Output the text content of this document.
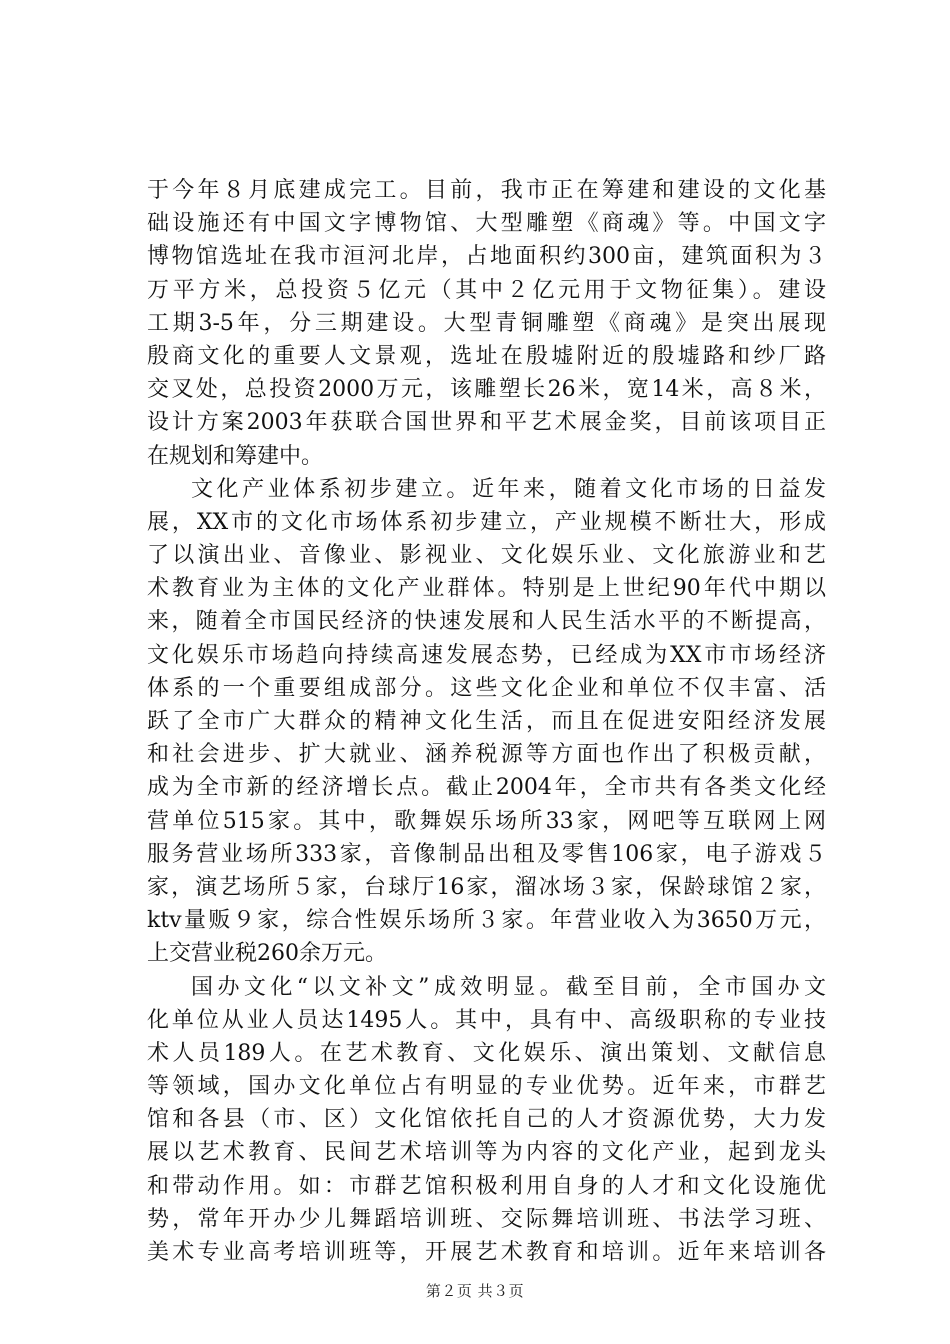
于今年８月底建成完工。目前，我市正在筹建和建设的文化基
础设施还有中国文字博物馆、大型雕塑《商魂》等。中国文字
博物馆选址在我市洹河北岸，占地面积约300亩，建筑面积为３
万平方米，总投资５亿元（其中２亿元用于文物征集）。建设
工期3-5年，分三期建设。大型青铜雕塑《商魂》是突出展现
殷商文化的重要人文景观，选址在殷墟附近的殷墟路和纱厂路
交叉处，总投资2000万元，该雕塑长26米，宽14米，高８米，
设计方案2003年获联合国世界和平艺术展金奖，目前该项目正
在规划和筹建中。
文化产业体系初步建立。近年来，随着文化市场的日益发
展，XX市的文化市场体系初步建立，产业规模不断壮大，形成
了以演出业、音像业、影视业、文化娱乐业、文化旅游业和艺
术教育业为主体的文化产业群体。特别是上世纪90年代中期以
来，随着全市国民经济的快速发展和人民生活水平的不断提高，
文化娱乐市场趋向持续高速发展态势，已经成为XX市市场经济
体系的一个重要组成部分。这些文化企业和单位不仅丰富、活
跃了全市广大群众的精神文化生活，而且在促进安阳经济发展
和社会进步、扩大就业、涵养税源等方面也作出了积极贡献，
成为全市新的经济增长点。截止2004年，全市共有各类文化经
营单位515家。其中，歌舞娱乐场所33家，网吧等互联网上网
服务营业场所333家，音像制品出租及零售106家，电子游戏５
家，演艺场所５家，台球厅16家，溜冰场３家，保龄球馆２家，
ktv量贩９家，综合性娱乐场所３家。年营业收入为3650万元，
上交营业税260余万元。
国办文化“以文补文”成效明显。截至目前，全市国办文
化单位从业人员达1495人。其中，具有中、高级职称的专业技
术人员189人。在艺术教育、文化娱乐、演出策划、文献信息
等领域，国办文化单位占有明显的专业优势。近年来，市群艺
馆和各县（市、区）文化馆依托自己的人才资源优势，大力发
展以艺术教育、民间艺术培训等为内容的文化产业，起到龙头
和带动作用。如：市群艺馆积极利用自身的人才和文化设施优
势，常年开办少儿舞蹈培训班、交际舞培训班、书法学习班、
美术专业高考培训班等，开展艺术教育和培训。近年来培训各
第２页 共３页
